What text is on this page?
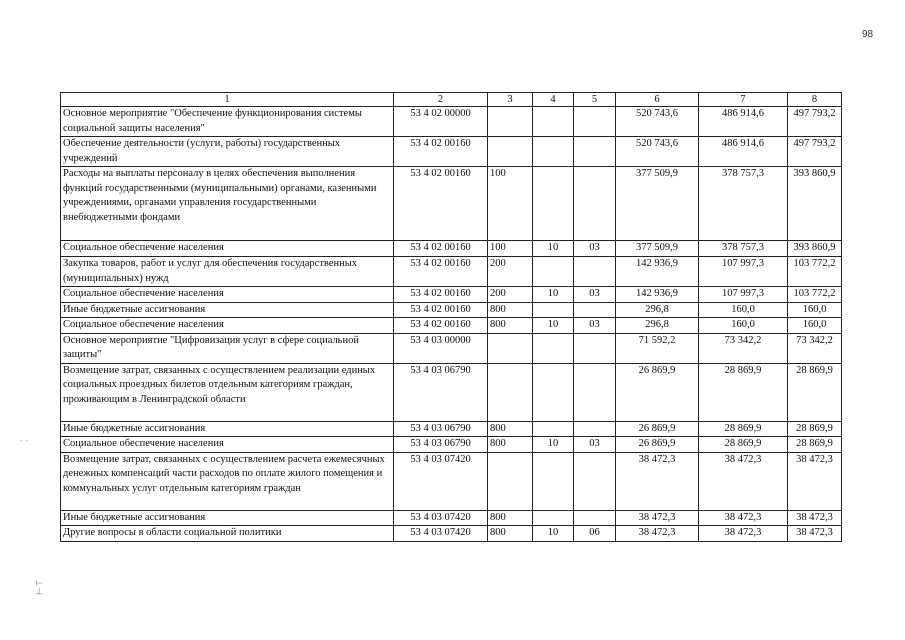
98
1	2	3	4	5	6	7	8
Основное мероприятие "Обеспечение функционирования системы социальной защиты населения"	53 4 02 00000				520 743,6	486 914,6	497 793,2
Обеспечение деятельности (услуги, работы) государственных учреждений	53 4 02 00160				520 743,6	486 914,6	497 793,2
Расходы на выплаты персоналу в целях обеспечения выполнения функций государственными (муниципальными) органами, казенными учреждениями, органами управления государственными внебюджетными фондами	53 4 02 00160	100			377 509,9	378 757,3	393 860,9
Социальное обеспечение населения	53 4 02 00160	100	10	03	377 509,9	378 757,3	393 860,9
Закупка товаров, работ и услуг для обеспечения государственных (муниципальных) нужд	53 4 02 00160	200			142 936,9	107 997,3	103 772,2
Социальное обеспечение населения	53 4 02 00160	200	10	03	142 936,9	107 997,3	103 772,2
Иные бюджетные ассигнования	53 4 02 00160	800			296,8	160,0	160,0
Социальное обеспечение населения	53 4 02 00160	800	10	03	296,8	160,0	160,0
Основное мероприятие "Цифровизация услуг в сфере социальной защиты"	53 4 03 00000				71 592,2	73 342,2	73 342,2
Возмещение затрат, связанных с осуществлением реализации единых социальных проездных билетов отдельным категориям граждан, проживающим в Ленинградской области	53 4 03 06790				26 869,9	28 869,9	28 869,9
Иные бюджетные ассигнования	53 4 03 06790	800			26 869,9	28 869,9	28 869,9
Социальное обеспечение населения	53 4 03 06790	800	10	03	26 869,9	28 869,9	28 869,9
Возмещение затрат, связанных с осуществлением расчета ежемесячных денежных компенсаций части расходов по оплате жилого помещения и коммунальных услуг отдельным категориям граждан	53 4 03 07420				38 472,3	38 472,3	38 472,3
Иные бюджетные ассигнования	53 4 03 07420	800			38 472,3	38 472,3	38 472,3
Другие вопросы в области социальной политики	53 4 03 07420	800	10	06	38 472,3	38 472,3	38 472,3
⊥⊣
- -
